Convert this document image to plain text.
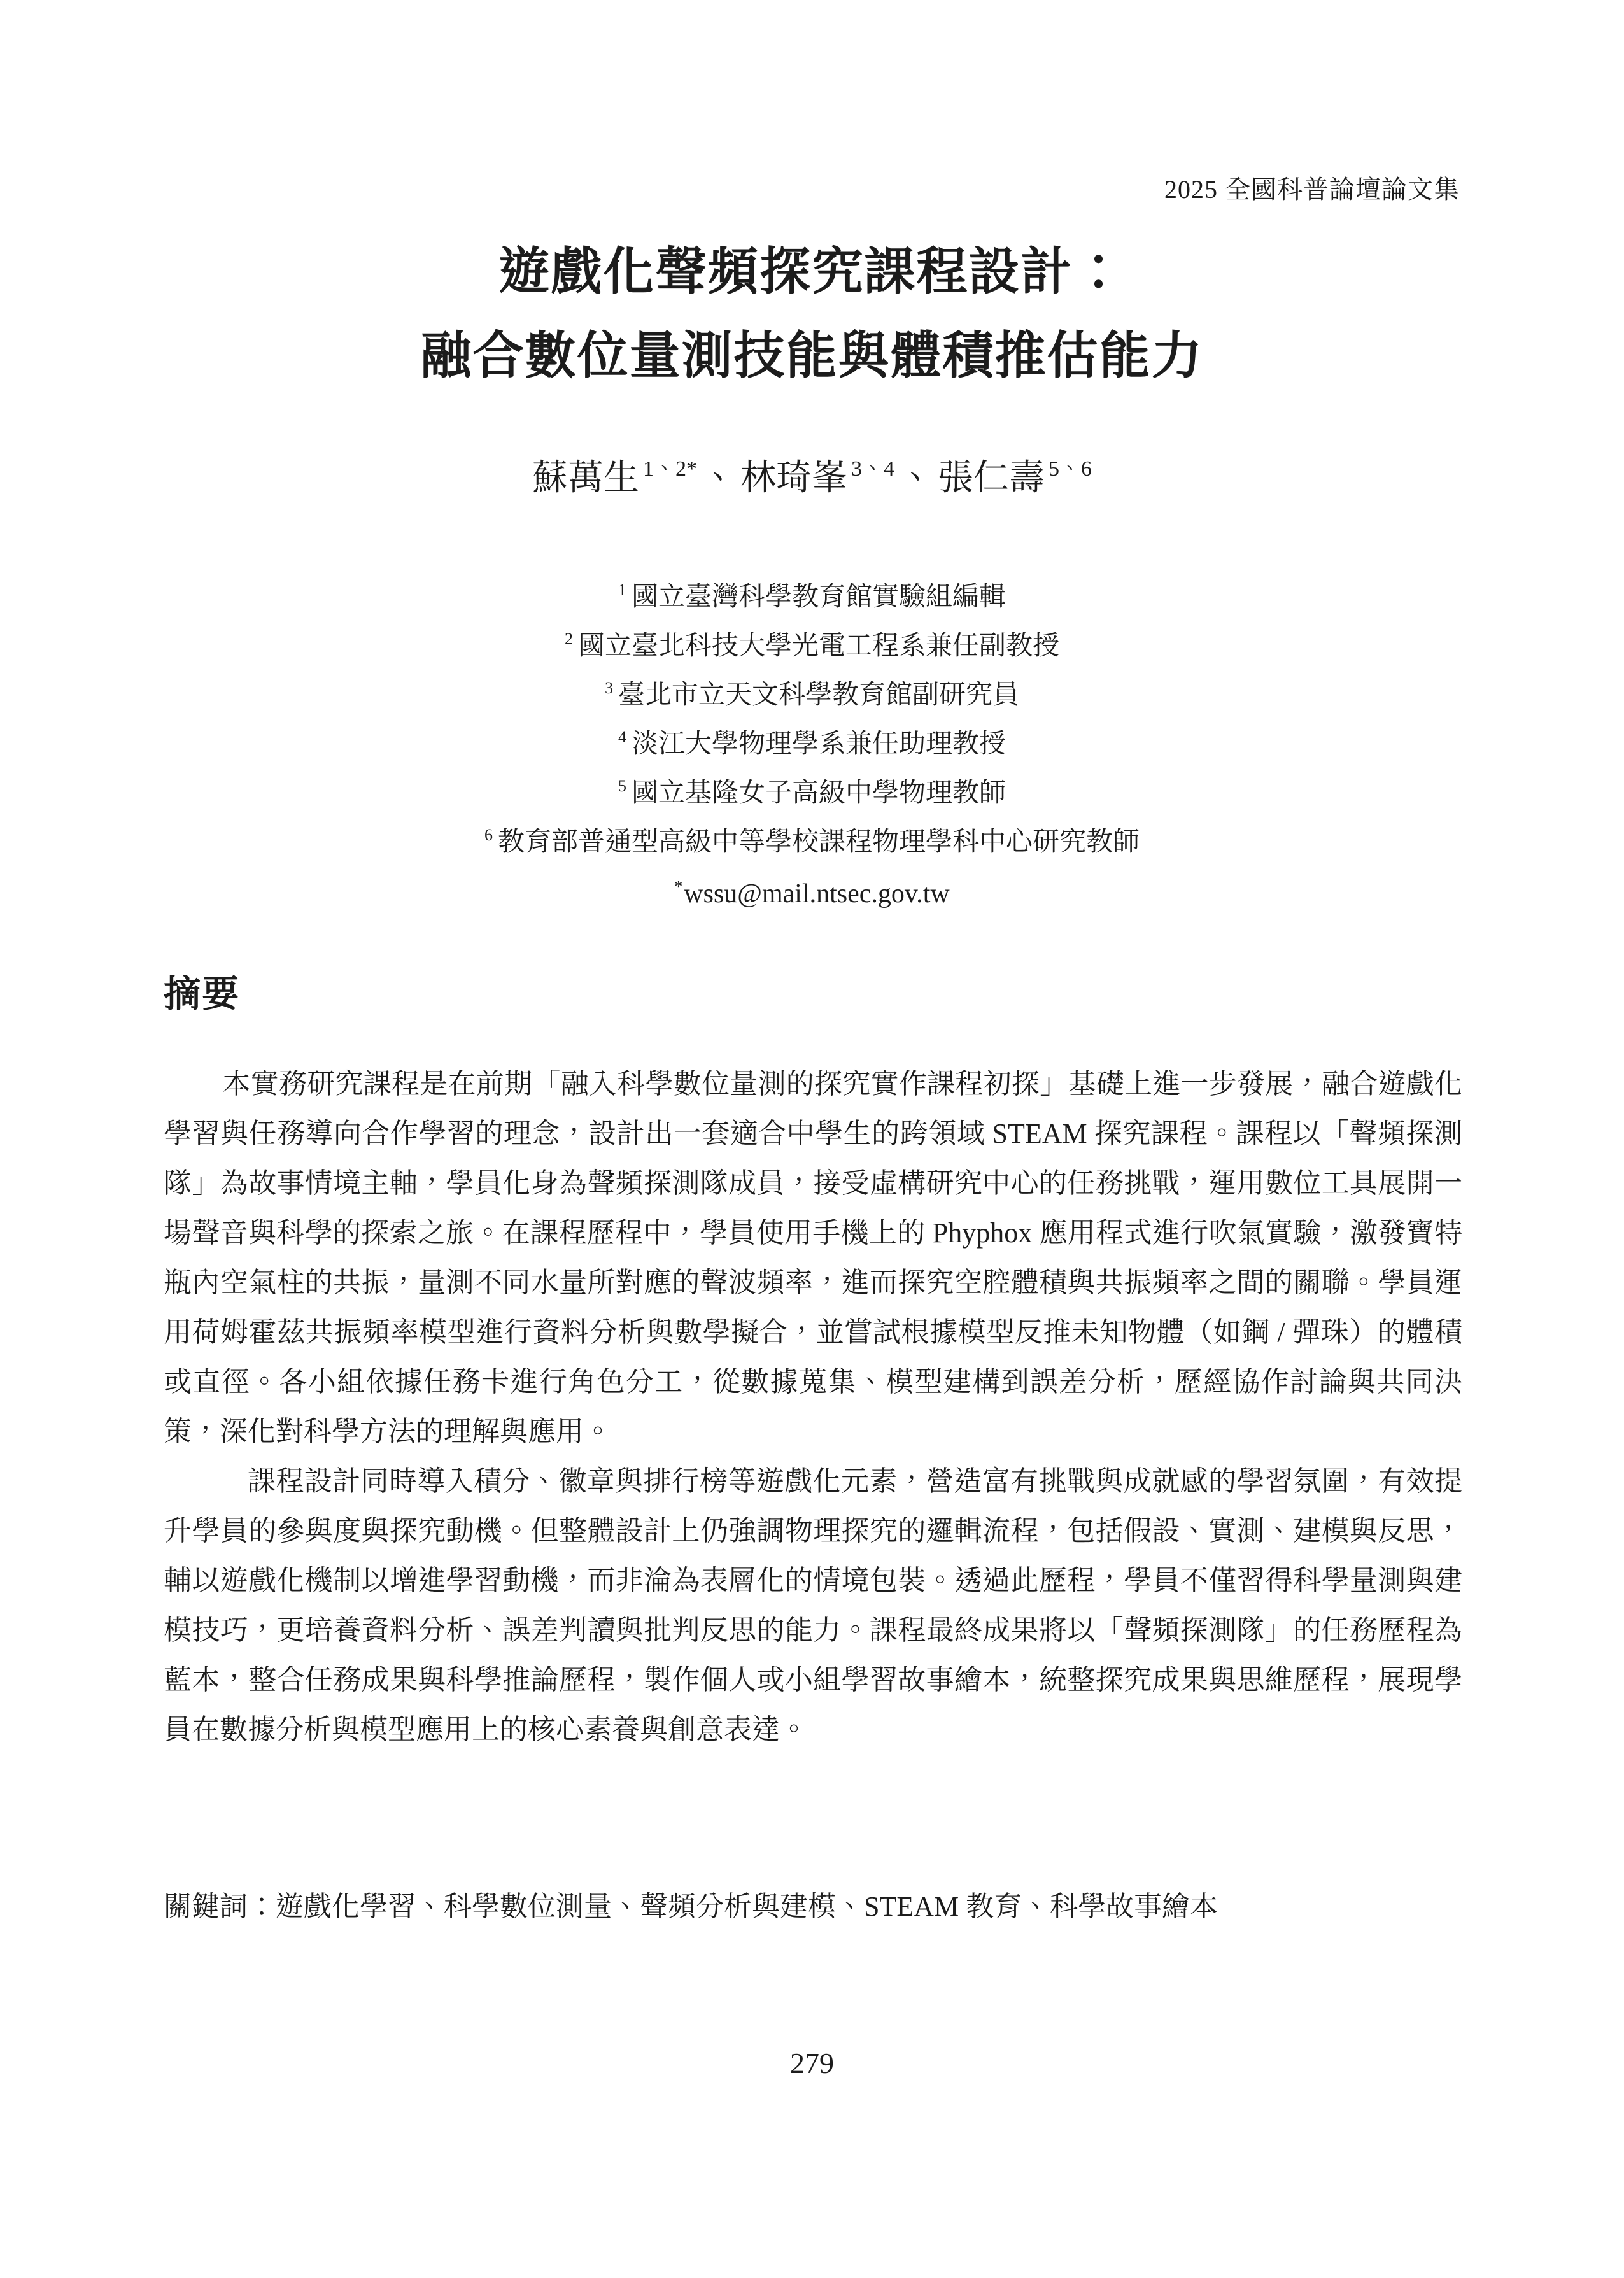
2025 全國科普論壇論文集
遊戲化聲頻探究課程設計：
融合數位量測技能與體積推估能力
蘇萬生 $^{1、2*}$ 、 林琦峯 $^{3、4}$ 、 張仁壽 $^{5、6}$
$^1$ 國立臺灣科學教育館實驗組編輯
$^2$ 國立臺北科技大學光電工程系兼任副教授
$^3$ 臺北市立天文科學教育館副研究員
$^4$ 淡江大學物理學系兼任助理教授
$^5$ 國立基隆女子高級中學物理教師
$^6$ 教育部普通型高級中等學校課程物理學科中心研究教師
*wssu@mail.ntsec.gov.tw
摘要

本實務研究課程是在前期「融入科學數位量測的探究實作課程初探」基礎上進一步發展，融合遊戲化學習與任務導向合作學習的理念，設計出一套適合中學生的跨領域 STEAM 探究課程。課程以「聲頻探測隊」為故事情境主軸，學員化身為聲頻探測隊成員，接受虛構研究中心的任務挑戰，運用數位工具展開一場聲音與科學的探索之旅。在課程歷程中，學員使用手機上的 Phyphox 應用程式進行吹氣實驗，激發寶特瓶內空氣柱的共振，量測不同水量所對應的聲波頻率，進而探究空腔體積與共振頻率之間的關聯。學員運用荷姆霍茲共振頻率模型進行資料分析與數學擬合，並嘗試根據模型反推未知物體（如鋼 / 彈珠）的體積或直徑。各小組依據任務卡進行角色分工，從數據蒐集、模型建構到誤差分析，歷經協作討論與共同決策，深化對科學方法的理解與應用。

課程設計同時導入積分、徽章與排行榜等遊戲化元素，營造富有挑戰與成就感的學習氛圍，有效提升學員的參與度與探究動機。但整體設計上仍強調物理探究的邏輯流程，包括假設、實測、建模與反思，輔以遊戲化機制以增進學習動機，而非淪為表層化的情境包裝。透過此歷程，學員不僅習得科學量測與建模技巧，更培養資料分析、誤差判讀與批判反思的能力。課程最終成果將以「聲頻探測隊」的任務歷程為藍本，整合任務成果與科學推論歷程，製作個人或小組學習故事繪本，統整探究成果與思維歷程，展現學員在數據分析與模型應用上的核心素養與創意表達。

關鍵詞：遊戲化學習、科學數位測量、聲頻分析與建模、STEAM 教育、科學故事繪本
279
